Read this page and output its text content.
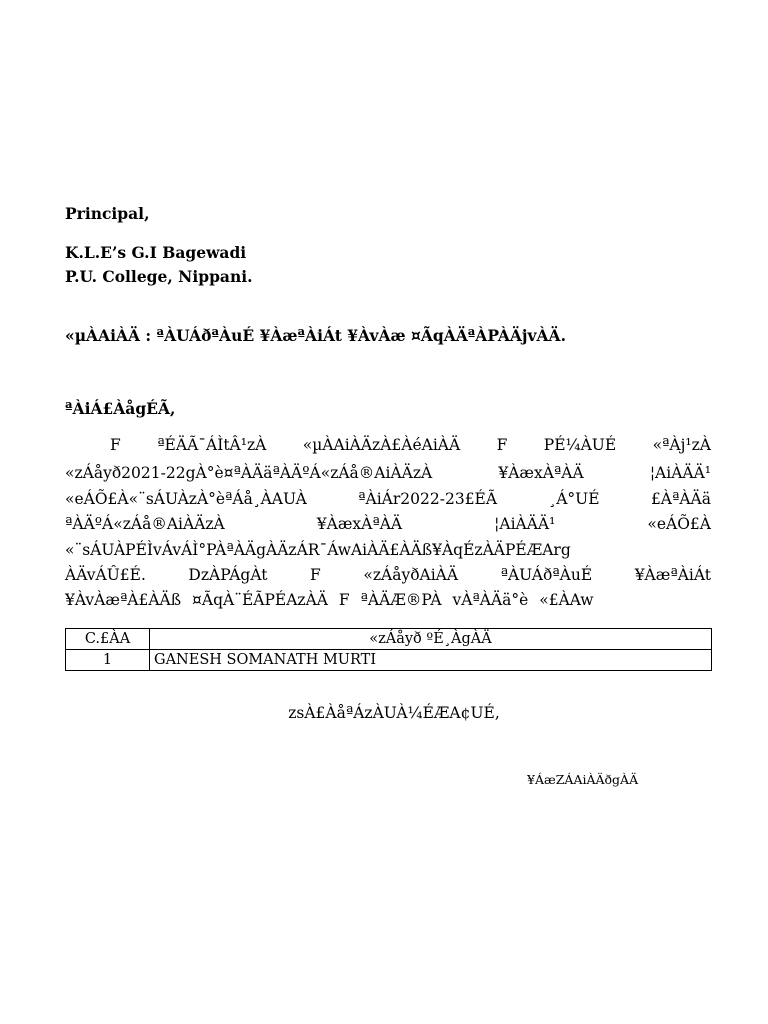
Principal,
K.L.E’s G.I Bagewadi
P.U. College, Nippani.
«µÀAiÀÄ : ªÀUÁðªÀuÉ ¥ÀæªÀiÁt ¥ÀvÀæ ¤ÃqÀÄªÀPÀÄjvÀÄ.
ªÀiÁ£ÀågÉÃ,
F ªÉÄÃ¯ÁÌtÂ¹zÀ «µÀAiÀÄzÀ£ÀéAiÀÄ F PÉ¼ÀUÉ «ªÀj¹zÀ
«zÁåyð2021-22gÀ°è¤ªÀÄäªÀÄºÁ«zÁå®AiÀÄzÀ ¥ÀæxÀªÀÄ ¦AiÀÄÄ¹
«eÁÕ£À«¨sÁUÀzÀ°èªÁå¸ÀAUÀ ªÀiÁr2022-23£ÉÃ ¸Á°UÉ £ÀªÀÄä
ªÀÄºÁ«zÁå®AiÀÄzÀ ¥ÀæxÀªÀÄ ¦AiÀÄÄ¹ «eÁÕ£À
«¨sÁUÀPÉÌvÁvÁÌ°PÀªÀÄgÀÄzÁR¯ÁwAiÀÄ£ÀÄß¥ÀqÉzÀÄPÉÆArg
ÀÄvÁÛ£É. DzÀPÁgÀt F «zÁåyðAiÀÄ ªÀUÁðªÀuÉ ¥ÀæªÀiÁt
¥ÀvÀæªÀ£ÀÄß ¤ÃqÀ¨ÉÃPÉAzÀÄ F ªÀÄÆ®PÀ vÀªÀÄä°è «£ÀAw
C.£ÀA	«zÁåyð ºÉ¸ÀgÀÄ
1	GANESH SOMANATH MURTI
zsÀ£ÀåªÁzÀUÀ¼ÉÆA¢UÉ,
¥ÁæZÁAiÀÄðgÀÄ
